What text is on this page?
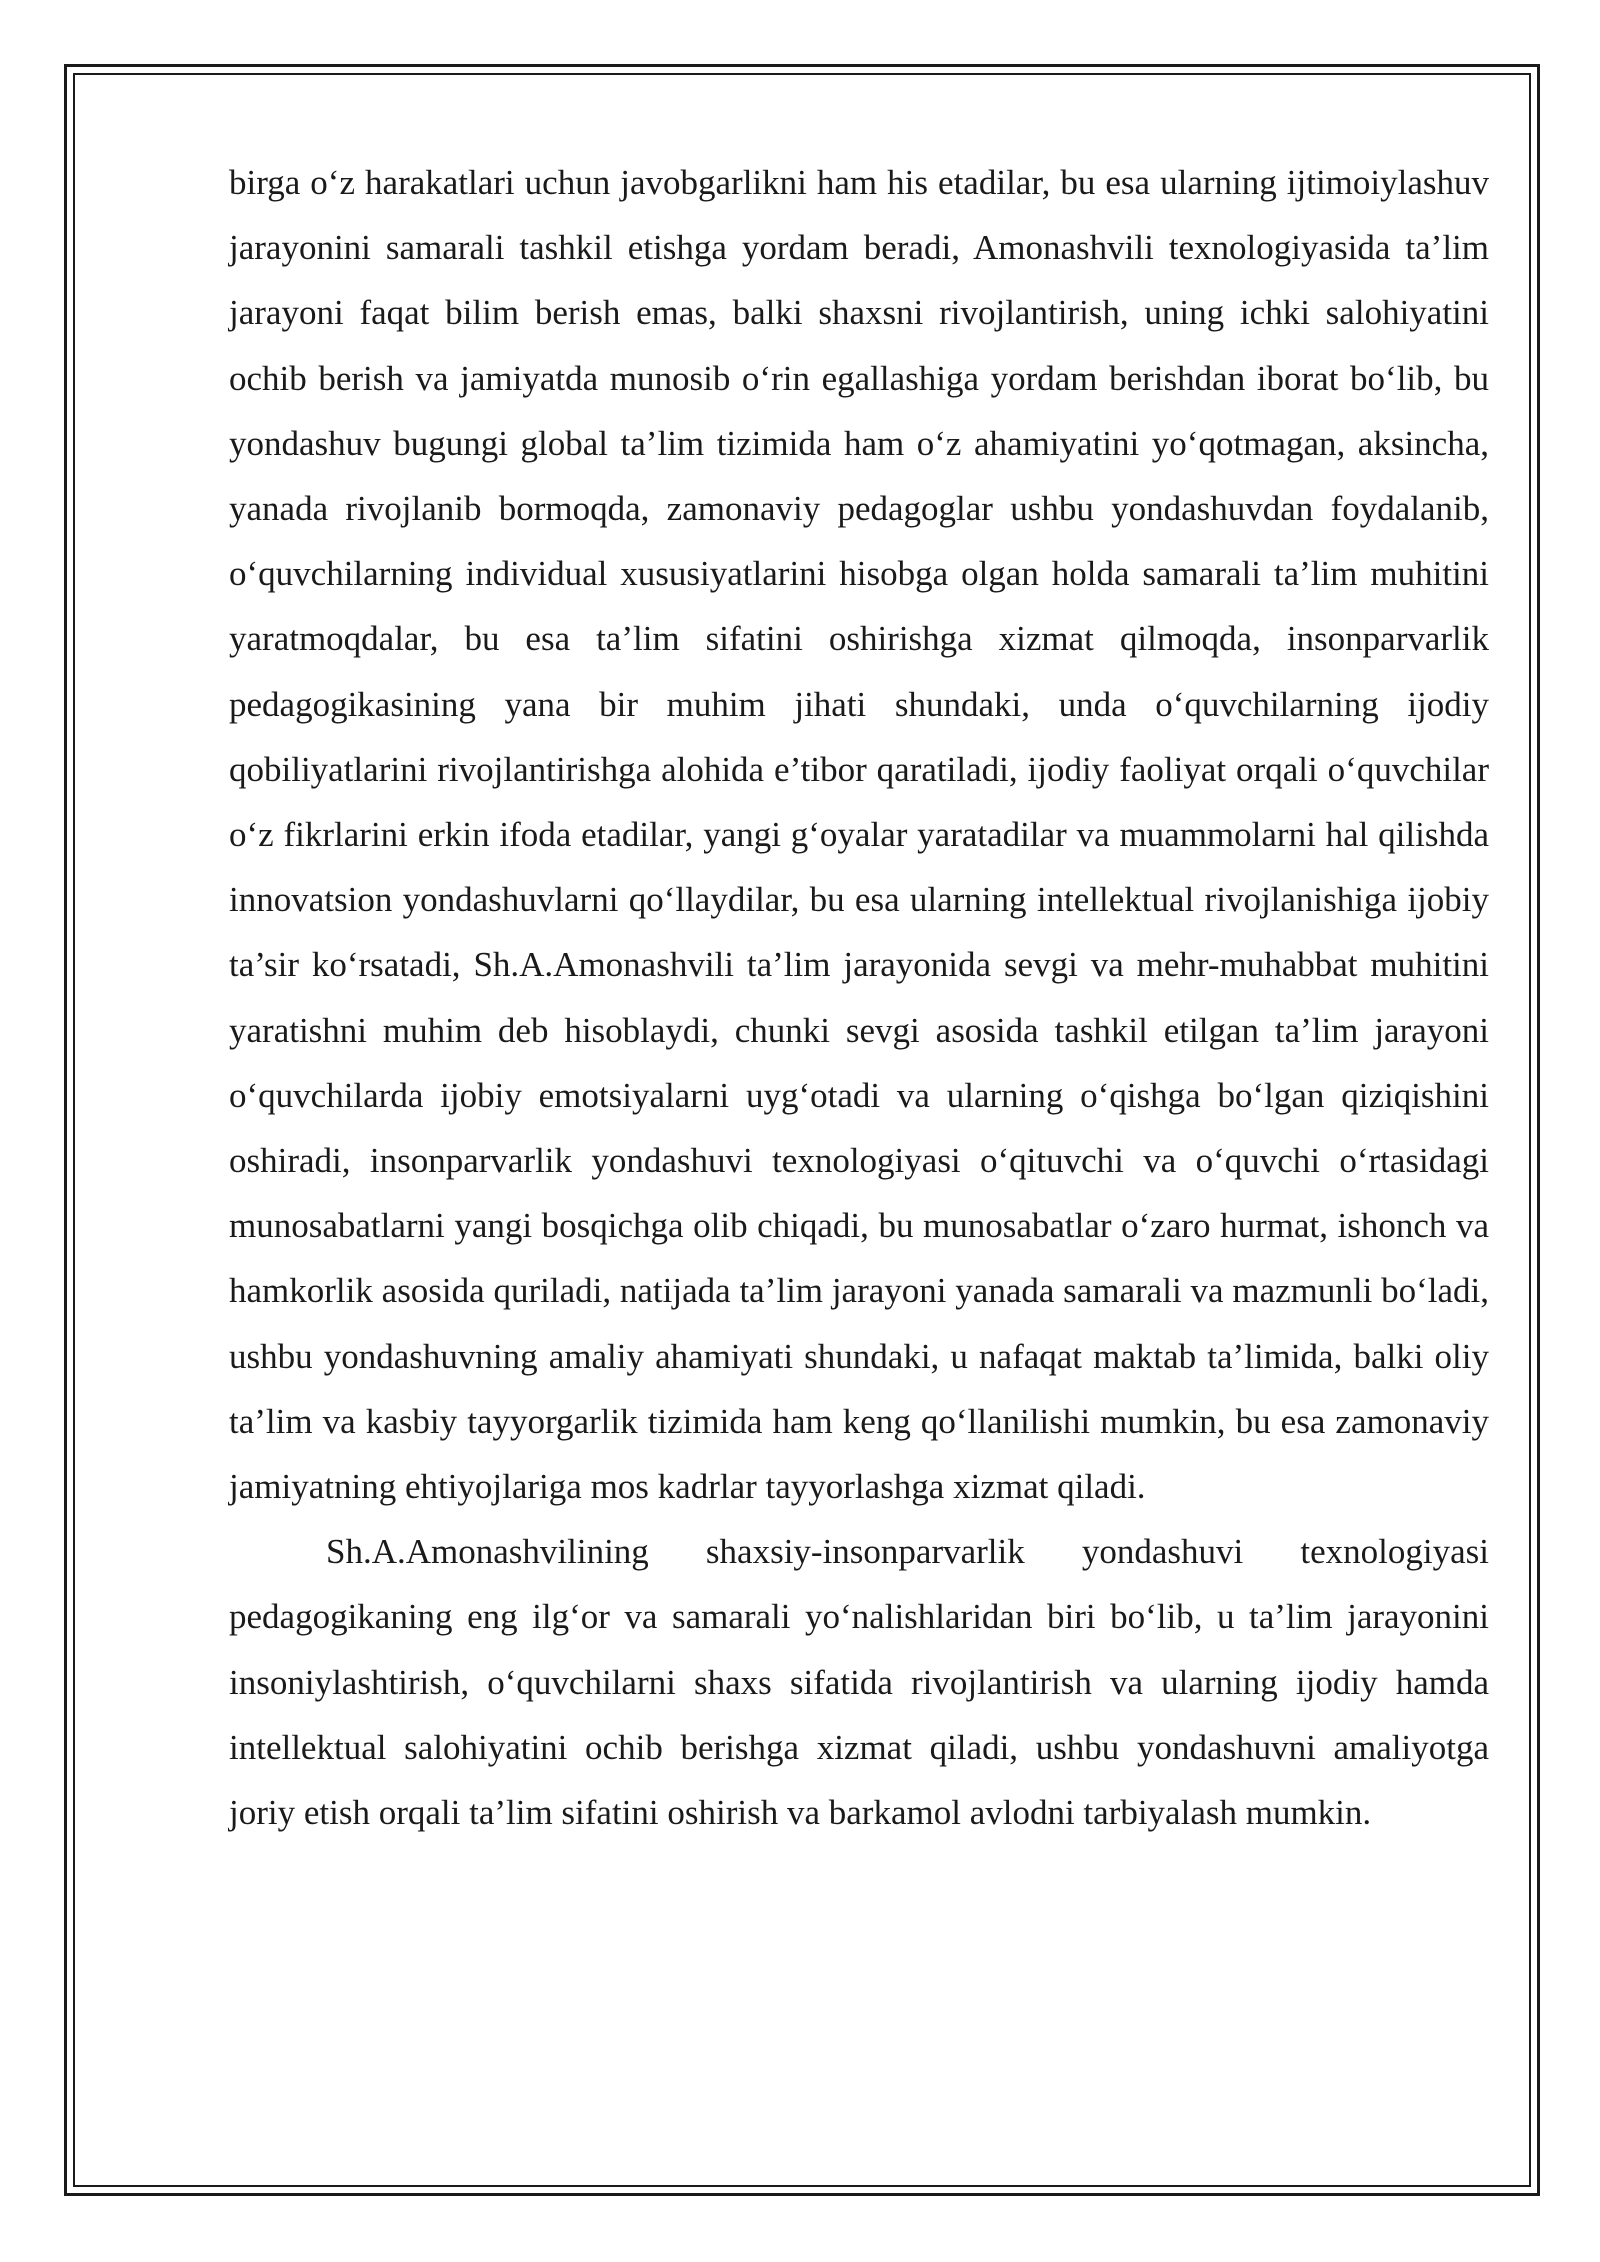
birga o‘z harakatlari uchun javobgarlikni ham his etadilar, bu esa ularning ijtimoiylashuv jarayonini samarali tashkil etishga yordam beradi, Amonashvili texnologiyasida ta’lim jarayoni faqat bilim berish emas, balki shaxsni rivojlantirish, uning ichki salohiyatini ochib berish va jamiyatda munosib o‘rin egallashiga yordam berishdan iborat bo‘lib, bu yondashuv bugungi global ta’lim tizimida ham o‘z ahamiyatini yo‘qotmagan, aksincha, yanada rivojlanib bormoqda, zamonaviy pedagoglar ushbu yondashuvdan foydalanib, o‘quvchilarning individual xususiyatlarini hisobga olgan holda samarali ta’lim muhitini yaratmoqdalar, bu esa ta’lim sifatini oshirishga xizmat qilmoqda, insonparvarlik pedagogikasining yana bir muhim jihati shundaki, unda o‘quvchilarning ijodiy qobiliyatlarini rivojlantirishga alohida e’tibor qaratiladi, ijodiy faoliyat orqali o‘quvchilar o‘z fikrlarini erkin ifoda etadilar, yangi g‘oyalar yaratadilar va muammolarni hal qilishda innovatsion yondashuvlarni qo‘llaydilar, bu esa ularning intellektual rivojlanishiga ijobiy ta’sir ko‘rsatadi, Sh.A.Amonashvili ta’lim jarayonida sevgi va mehr-muhabbat muhitini yaratishni muhim deb hisoblaydi, chunki sevgi asosida tashkil etilgan ta’lim jarayoni o‘quvchilarda ijobiy emotsiyalarni uyg‘otadi va ularning o‘qishga bo‘lgan qiziqishini oshiradi, insonparvarlik yondashuvi texnologiyasi o‘qituvchi va o‘quvchi o‘rtasidagi munosabatlarni yangi bosqichga olib chiqadi, bu munosabatlar o‘zaro hurmat, ishonch va hamkorlik asosida quriladi, natijada ta’lim jarayoni yanada samarali va mazmunli bo‘ladi, ushbu yondashuvning amaliy ahamiyati shundaki, u nafaqat maktab ta’limida, balki oliy ta’lim va kasbiy tayyorgarlik tizimida ham keng qo‘llanilishi mumkin, bu esa zamonaviy jamiyatning ehtiyojlariga mos kadrlar tayyorlashga xizmat qiladi.

Sh.A.Amonashvilining shaxsiy-insonparvarlik yondashuvi texnologiyasi pedagogikaning eng ilg‘or va samarali yo‘nalishlaridan biri bo‘lib, u ta’lim jarayonini insoniylashtirish, o‘quvchilarni shaxs sifatida rivojlantirish va ularning ijodiy hamda intellektual salohiyatini ochib berishga xizmat qiladi, ushbu yondashuvni amaliyotga joriy etish orqali ta’lim sifatini oshirish va barkamol avlodni tarbiyalash mumkin.
